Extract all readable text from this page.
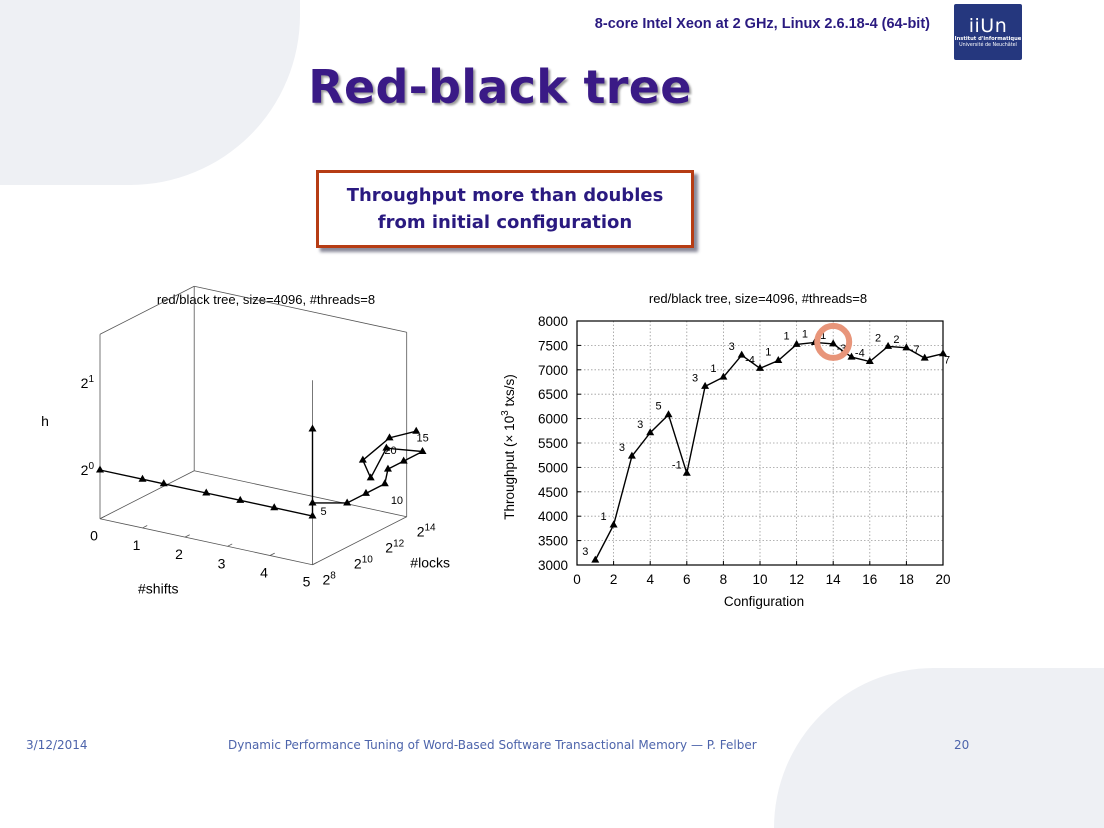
8-core Intel Xeon at 2 GHz, Linux 2.6.18-4 (64-bit) iiUn
Institut d'informatique
Université de Neuchâtel
Red-black tree
Throughput more than doubles
from initial configuration
red/black tree, size=4096, #threads=8
0
1
2
3
4
5
#shifts
$2^8$
$2^{10}$
$2^{12}$
$2^{14}$
#locks
$2^0$
$2^1$
h
5
20
15
10
red/black tree, size=4096, #threads=8
0 2 4 6 8 10 12 14 16 18 20
3000
3500
4000
4500
5000
5500
6000
6500
7000
7500
8000
Configuration
Throughput (× $10^3$ txs/s)
3
1
3
3
5
-1
3
1
3
-4
1
1 1 1
-3 -4
2 2
-7
7
3/12/2014	Dynamic Performance Tuning of Word-Based Software Transactional Memory — P. Felber	20
